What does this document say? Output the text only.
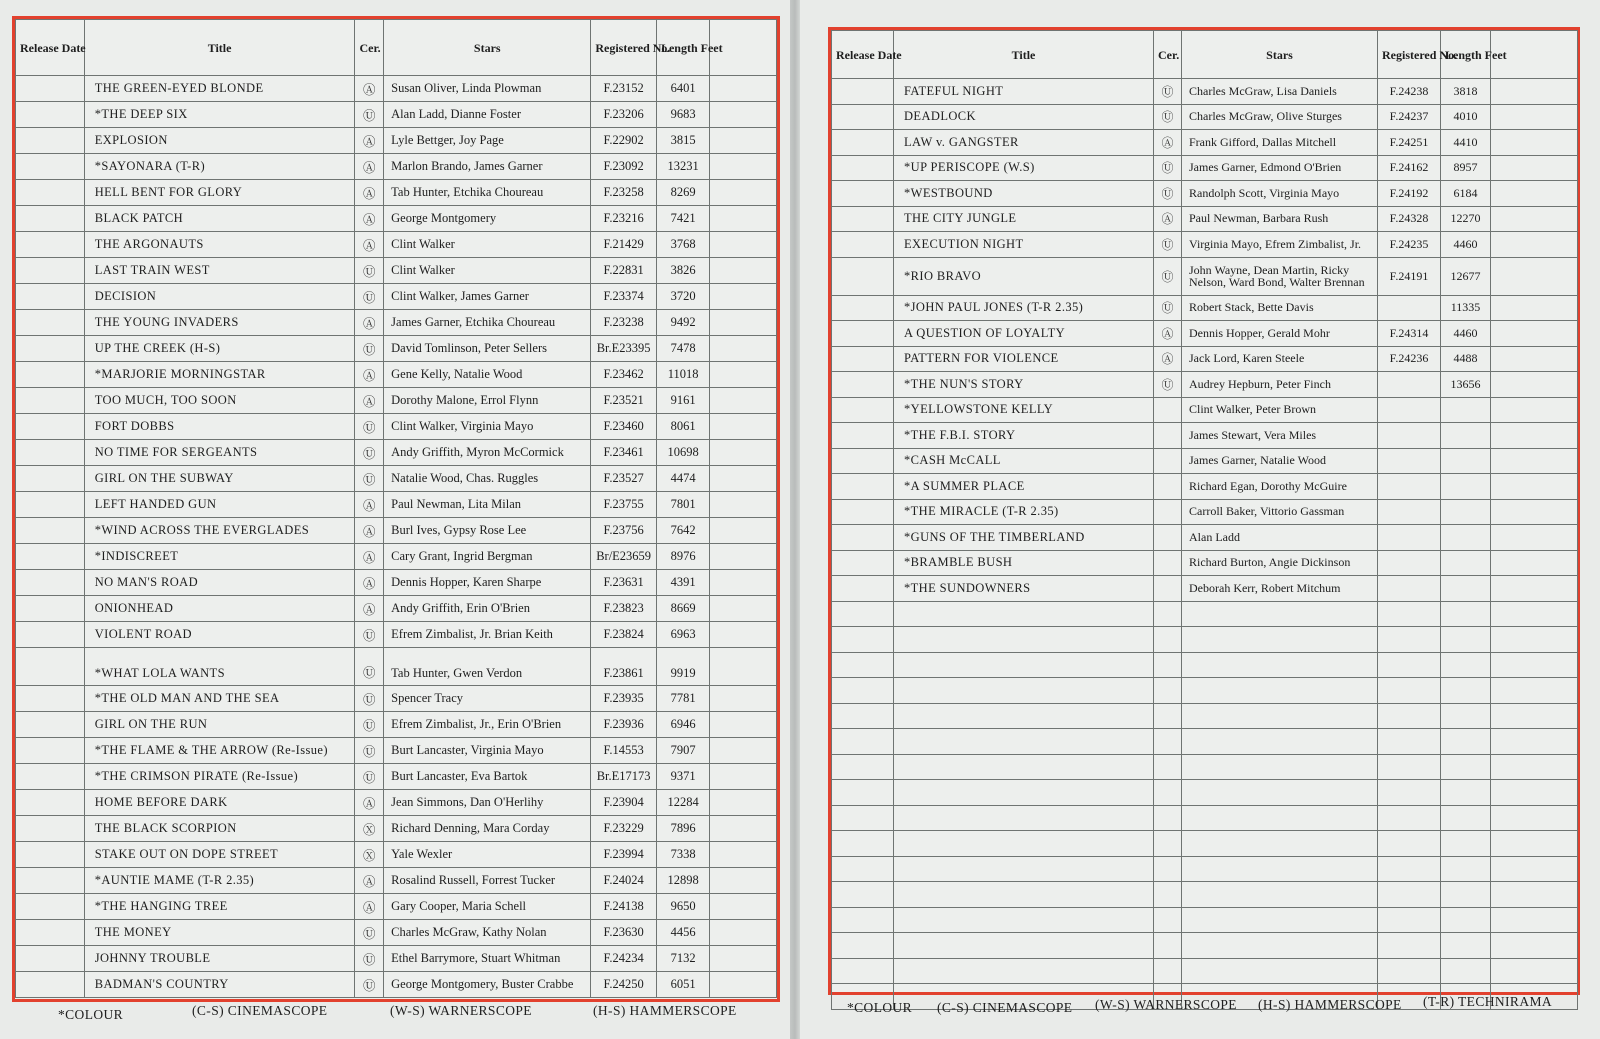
Release Date	Title	Cer.	Stars	Registered No.	Length Feet	
	THE GREEN-EYED BLONDE	Ⓐ	Susan Oliver, Linda Plowman	F.23152	6401	
	*THE DEEP SIX	Ⓤ	Alan Ladd, Dianne Foster	F.23206	9683	
	EXPLOSION	Ⓐ	Lyle Bettger, Joy Page	F.22902	3815	
	*SAYONARA (T-R)	Ⓐ	Marlon Brando, James Garner	F.23092	13231	
	HELL BENT FOR GLORY	Ⓐ	Tab Hunter, Etchika Choureau	F.23258	8269	
	BLACK PATCH	Ⓐ	George Montgomery	F.23216	7421	
	THE ARGONAUTS	Ⓐ	Clint Walker	F.21429	3768	
	LAST TRAIN WEST	Ⓤ	Clint Walker	F.22831	3826	
	DECISION	Ⓤ	Clint Walker, James Garner	F.23374	3720	
	THE YOUNG INVADERS	Ⓐ	James Garner, Etchika Choureau	F.23238	9492	
	UP THE CREEK (H-S)	Ⓤ	David Tomlinson, Peter Sellers	Br.E23395	7478	
	*MARJORIE MORNINGSTAR	Ⓐ	Gene Kelly, Natalie Wood	F.23462	11018	
	TOO MUCH, TOO SOON	Ⓐ	Dorothy Malone, Errol Flynn	F.23521	9161	
	FORT DOBBS	Ⓤ	Clint Walker, Virginia Mayo	F.23460	8061	
	NO TIME FOR SERGEANTS	Ⓤ	Andy Griffith, Myron McCormick	F.23461	10698	
	GIRL ON THE SUBWAY	Ⓤ	Natalie Wood, Chas. Ruggles	F.23527	4474	
	LEFT HANDED GUN	Ⓐ	Paul Newman, Lita Milan	F.23755	7801	
	*WIND ACROSS THE EVERGLADES	Ⓐ	Burl Ives, Gypsy Rose Lee	F.23756	7642	
	*INDISCREET	Ⓐ	Cary Grant, Ingrid Bergman	Br/E23659	8976	
	NO MAN'S ROAD	Ⓐ	Dennis Hopper, Karen Sharpe	F.23631	4391	
	ONIONHEAD	Ⓐ	Andy Griffith, Erin O'Brien	F.23823	8669	
	VIOLENT ROAD	Ⓤ	Efrem Zimbalist, Jr. Brian Keith	F.23824	6963	
	*WHAT LOLA WANTS	Ⓤ	Tab Hunter, Gwen Verdon	F.23861	9919	
	*THE OLD MAN AND THE SEA	Ⓤ	Spencer Tracy	F.23935	7781	
	GIRL ON THE RUN	Ⓤ	Efrem Zimbalist, Jr., Erin O'Brien	F.23936	6946	
	*THE FLAME & THE ARROW (Re-Issue)	Ⓤ	Burt Lancaster, Virginia Mayo	F.14553	7907	
	*THE CRIMSON PIRATE (Re-Issue)	Ⓤ	Burt Lancaster, Eva Bartok	Br.E17173	9371	
	HOME BEFORE DARK	Ⓐ	Jean Simmons, Dan O'Herlihy	F.23904	12284	
	THE BLACK SCORPION	Ⓧ	Richard Denning, Mara Corday	F.23229	7896	
	STAKE OUT ON DOPE STREET	Ⓧ	Yale Wexler	F.23994	7338	
	*AUNTIE MAME (T-R 2.35)	Ⓐ	Rosalind Russell, Forrest Tucker	F.24024	12898	
	*THE HANGING TREE	Ⓐ	Gary Cooper, Maria Schell	F.24138	9650	
	THE MONEY	Ⓤ	Charles McGraw, Kathy Nolan	F.23630	4456	
	JOHNNY TROUBLE	Ⓤ	Ethel Barrymore, Stuart Whitman	F.24234	7132	
	BADMAN'S COUNTRY	Ⓤ	George Montgomery, Buster Crabbe	F.24250	6051	
Release Date	Title	Cer.	Stars	Registered No.	Length Feet	
	FATEFUL NIGHT	Ⓤ	Charles McGraw, Lisa Daniels	F.24238	3818	
	DEADLOCK	Ⓤ	Charles McGraw, Olive Sturges	F.24237	4010	
	LAW v. GANGSTER	Ⓐ	Frank Gifford, Dallas Mitchell	F.24251	4410	
	*UP PERISCOPE (W.S)	Ⓤ	James Garner, Edmond O'Brien	F.24162	8957	
	*WESTBOUND	Ⓤ	Randolph Scott, Virginia Mayo	F.24192	6184	
	THE CITY JUNGLE	Ⓐ	Paul Newman, Barbara Rush	F.24328	12270	
	EXECUTION NIGHT	Ⓤ	Virginia Mayo, Efrem Zimbalist, Jr.	F.24235	4460	
	*RIO BRAVO	Ⓤ	John Wayne, Dean Martin, Ricky Nelson, Ward Bond, Walter Brennan	F.24191	12677	
	*JOHN PAUL JONES (T-R 2.35)	Ⓤ	Robert Stack, Bette Davis		11335	
	A QUESTION OF LOYALTY	Ⓐ	Dennis Hopper, Gerald Mohr	F.24314	4460	
	PATTERN FOR VIOLENCE	Ⓐ	Jack Lord, Karen Steele	F.24236	4488	
	*THE NUN'S STORY	Ⓤ	Audrey Hepburn, Peter Finch		13656	
	*YELLOWSTONE KELLY		Clint Walker, Peter Brown			
	*THE F.B.I. STORY		James Stewart, Vera Miles			
	*CASH McCALL		James Garner, Natalie Wood			
	*A SUMMER PLACE		Richard Egan, Dorothy McGuire			
	*THE MIRACLE (T-R 2.35)		Carroll Baker, Vittorio Gassman			
	*GUNS OF THE TIMBERLAND		Alan Ladd			
	*BRAMBLE BUSH		Richard Burton, Angie Dickinson			
	*THE SUNDOWNERS		Deborah Kerr, Robert Mitchum			

*COLOUR	(C-S) CINEMASCOPE	(W-S) WARNERSCOPE	(H-S) HAMMERSCOPE	*COLOUR (C-S) CINEMASCOPE (W-S) WARNERSCOPE (H-S) HAMMERSCOPE (T-R) TECHNIRAMA
